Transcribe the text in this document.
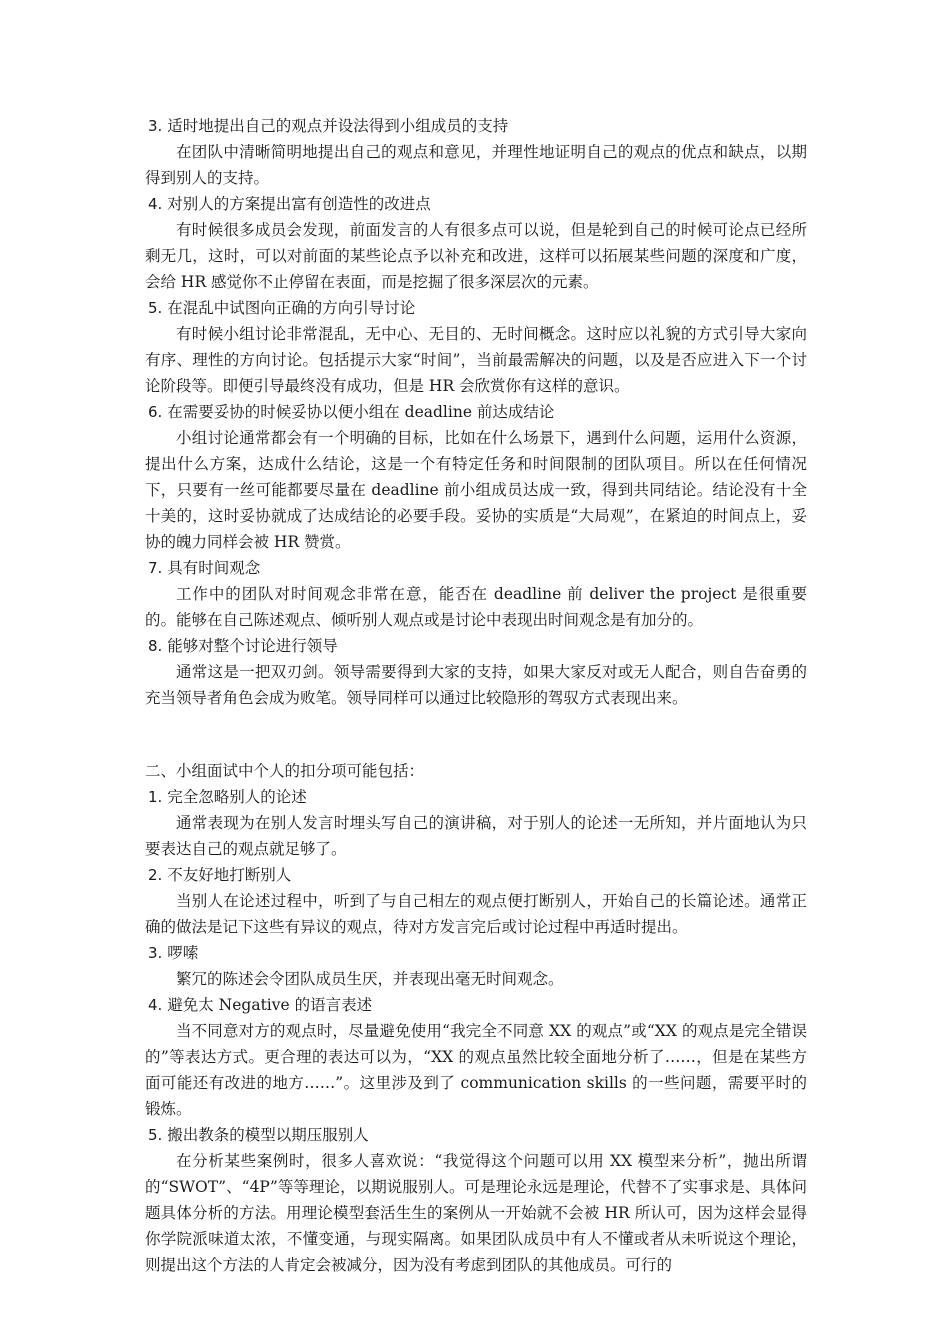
3. 适时地提出自己的观点并设法得到小组成员的支持

在团队中清晰简明地提出自己的观点和意见，并理性地证明自己的观点的优点和缺点，以期得到别人的支持。

4. 对别人的方案提出富有创造性的改进点

有时候很多成员会发现，前面发言的人有很多点可以说，但是轮到自己的时候可论点已经所剩无几，这时，可以对前面的某些论点予以补充和改进，这样可以拓展某些问题的深度和广度，会给 HR 感觉你不止停留在表面，而是挖掘了很多深层次的元素。

5. 在混乱中试图向正确的方向引导讨论

有时候小组讨论非常混乱，无中心、无目的、无时间概念。这时应以礼貌的方式引导大家向有序、理性的方向讨论。包括提示大家“时间”，当前最需解决的问题，以及是否应进入下一个讨论阶段等。即便引导最终没有成功，但是 HR 会欣赏你有这样的意识。

6. 在需要妥协的时候妥协以便小组在 deadline 前达成结论

小组讨论通常都会有一个明确的目标，比如在什么场景下，遇到什么问题，运用什么资源，提出什么方案，达成什么结论，这是一个有特定任务和时间限制的团队项目。所以在任何情况下，只要有一丝可能都要尽量在 deadline 前小组成员达成一致，得到共同结论。结论没有十全十美的，这时妥协就成了达成结论的必要手段。妥协的实质是“大局观”，在紧迫的时间点上，妥协的魄力同样会被 HR 赞赏。

7. 具有时间观念

工作中的团队对时间观念非常在意，能否在 deadline 前 deliver the project 是很重要的。能够在自己陈述观点、倾听别人观点或是讨论中表现出时间观念是有加分的。

8. 能够对整个讨论进行领导

通常这是一把双刃剑。领导需要得到大家的支持，如果大家反对或无人配合，则自告奋勇的充当领导者角色会成为败笔。领导同样可以通过比较隐形的驾驭方式表现出来。

二、小组面试中个人的扣分项可能包括：
1. 完全忽略别人的论述

通常表现为在别人发言时埋头写自己的演讲稿，对于别人的论述一无所知，并片面地认为只要表达自己的观点就足够了。

2. 不友好地打断别人

当别人在论述过程中，听到了与自己相左的观点便打断别人，开始自己的长篇论述。通常正确的做法是记下这些有异议的观点，待对方发言完后或讨论过程中再适时提出。

3. 啰嗦

繁冗的陈述会令团队成员生厌，并表现出毫无时间观念。

4. 避免太 Negative 的语言表述

当不同意对方的观点时，尽量避免使用“我完全不同意 XX 的观点”或“XX 的观点是完全错误的”等表达方式。更合理的表达可以为，“XX 的观点虽然比较全面地分析了……，但是在某些方面可能还有改进的地方……”。这里涉及到了 communication skills 的一些问题，需要平时的锻炼。

5. 搬出教条的模型以期压服别人

在分析某些案例时，很多人喜欢说：“我觉得这个问题可以用 XX 模型来分析”，抛出所谓的“SWOT”、“4P”等等理论，以期说服别人。可是理论永远是理论，代替不了实事求是、具体问题具体分析的方法。用理论模型套活生生的案例从一开始就不会被 HR 所认可，因为这样会显得你学院派味道太浓，不懂变通，与现实隔离。如果团队成员中有人不懂或者从未听说这个理论，则提出这个方法的人肯定会被减分，因为没有考虑到团队的其他成员。可行的
